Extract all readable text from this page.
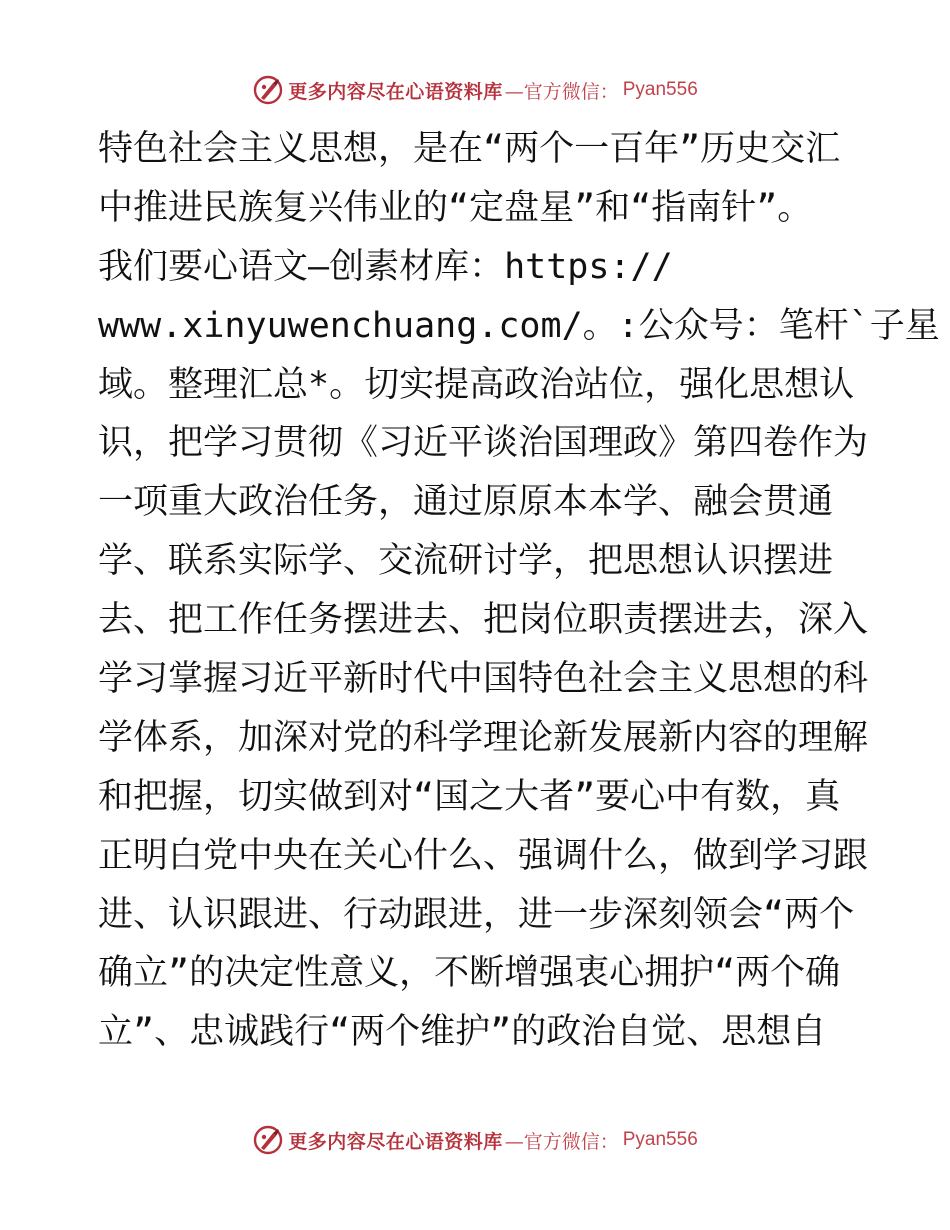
更多内容尽在心语资料库 —官方微信： Pyan556
特色社会主义思想，是在“两个一百年”历史交汇
中推进民族复兴伟业的“定盘星”和“指南针”。
我们要心语文—创素材库：https://
www.xinyuwenchuang.com/。:公众号：笔杆`子星
域。整理汇总*。切实提高政治站位，强化思想认
识，把学习贯彻《习近平谈治国理政》第四卷作为
一项重大政治任务，通过原原本本学、融会贯通
学、联系实际学、交流研讨学，把思想认识摆进
去、把工作任务摆进去、把岗位职责摆进去，深入
学习掌握习近平新时代中国特色社会主义思想的科
学体系，加深对党的科学理论新发展新内容的理解
和把握，切实做到对“国之大者”要心中有数，真
正明白党中央在关心什么、强调什么，做到学习跟
进、认识跟进、行动跟进，进一步深刻领会“两个
确立”的决定性意义，不断增强衷心拥护“两个确
立”、忠诚践行“两个维护”的政治自觉、思想自
更多内容尽在心语资料库 —官方微信： Pyan556
